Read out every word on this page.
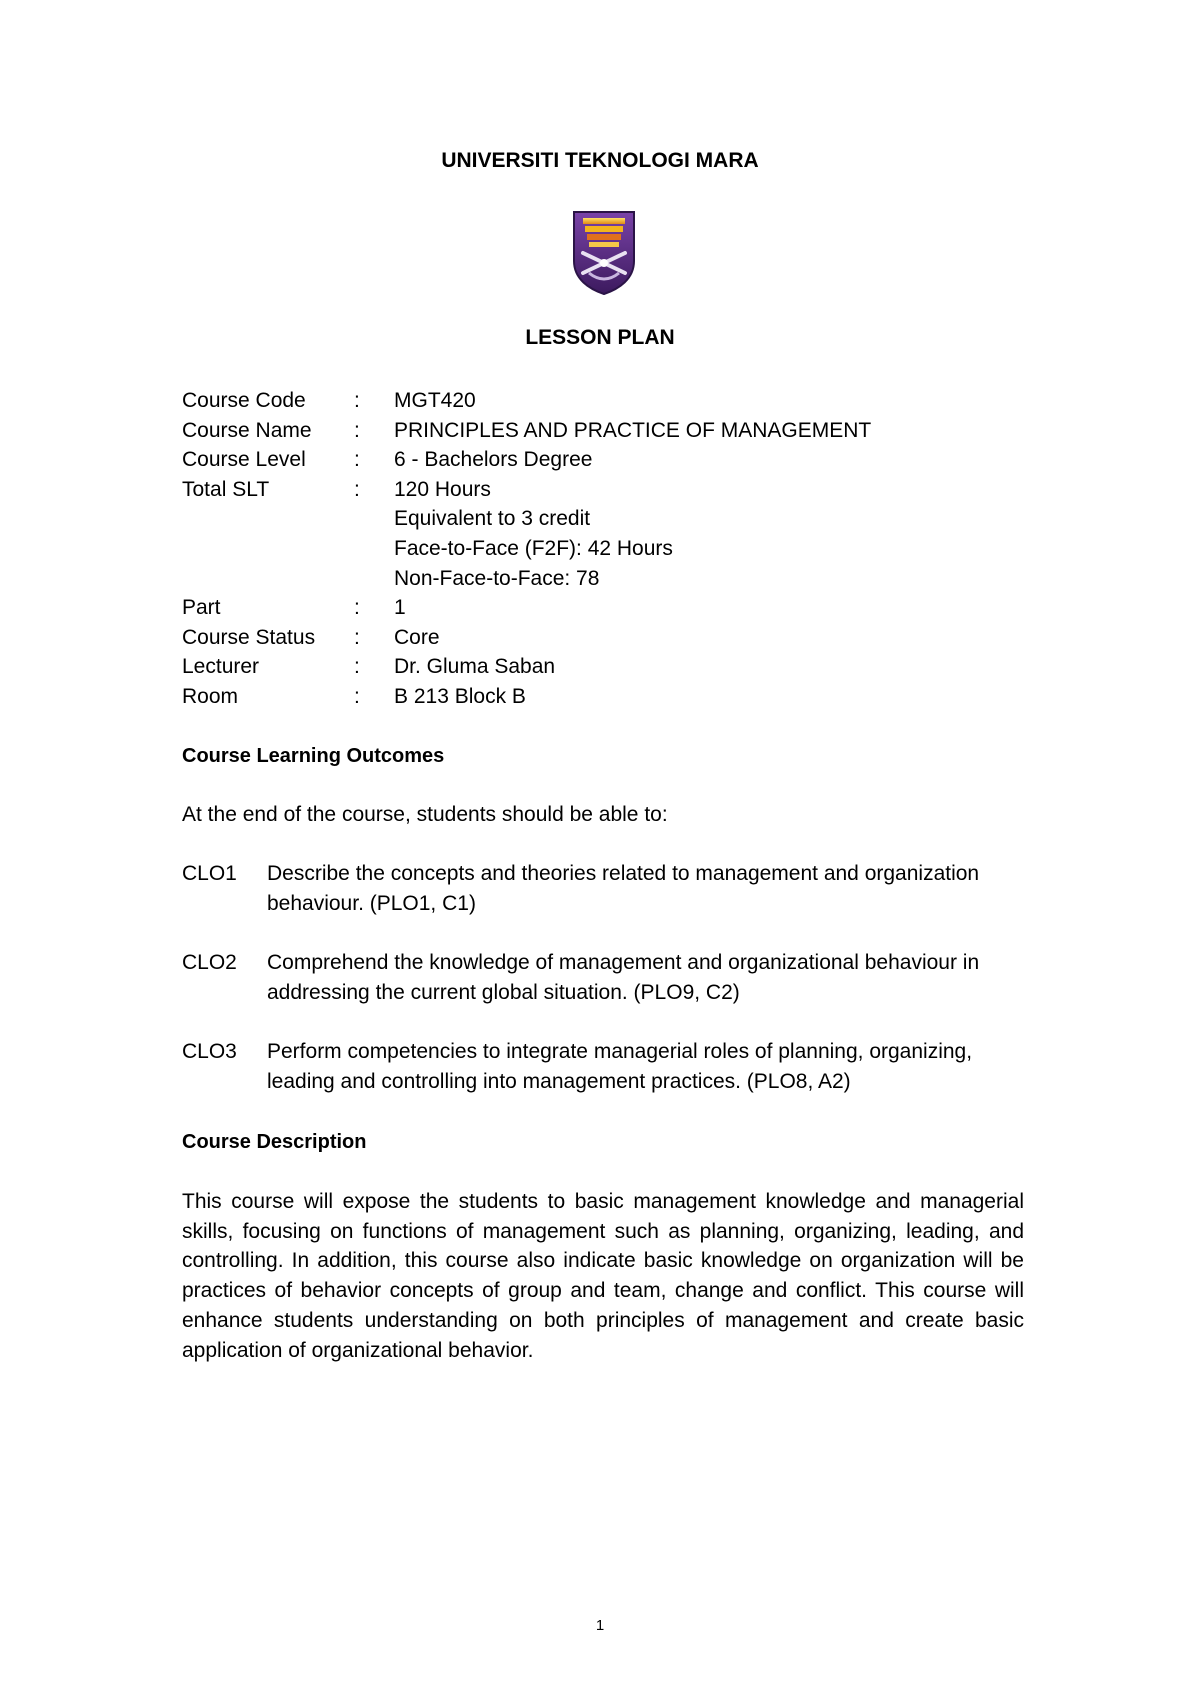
UNIVERSITI TEKNOLOGI MARA
LESSON PLAN
Course Code	:	MGT420
Course Name	:	PRINCIPLES AND PRACTICE OF MANAGEMENT
Course Level	:	6 - Bachelors Degree
Total SLT	:	120 Hours
Equivalent to 3 credit
Face-to-Face (F2F): 42 Hours
Non-Face-to-Face: 78
Part	:	1
Course Status	:	Core
Lecturer	:	Dr. Gluma Saban
Room	:	B 213 Block B
Course Learning Outcomes
At the end of the course, students should be able to:
CLO1	Describe the concepts and theories related to management and organization behaviour. (PLO1, C1)
CLO2	Comprehend the knowledge of management and organizational behaviour in addressing the current global situation. (PLO9, C2)
CLO3	Perform competencies to integrate managerial roles of planning, organizing, leading and controlling into management practices. (PLO8, A2)
Course Description
This course will expose the students to basic management knowledge and managerial skills, focusing on functions of management such as planning, organizing, leading, and controlling. In addition, this course also indicate basic knowledge on organization will be practices of behavior concepts of group and team, change and conflict. This course will enhance students understanding on both principles of management and create basic application of organizational behavior.
1
